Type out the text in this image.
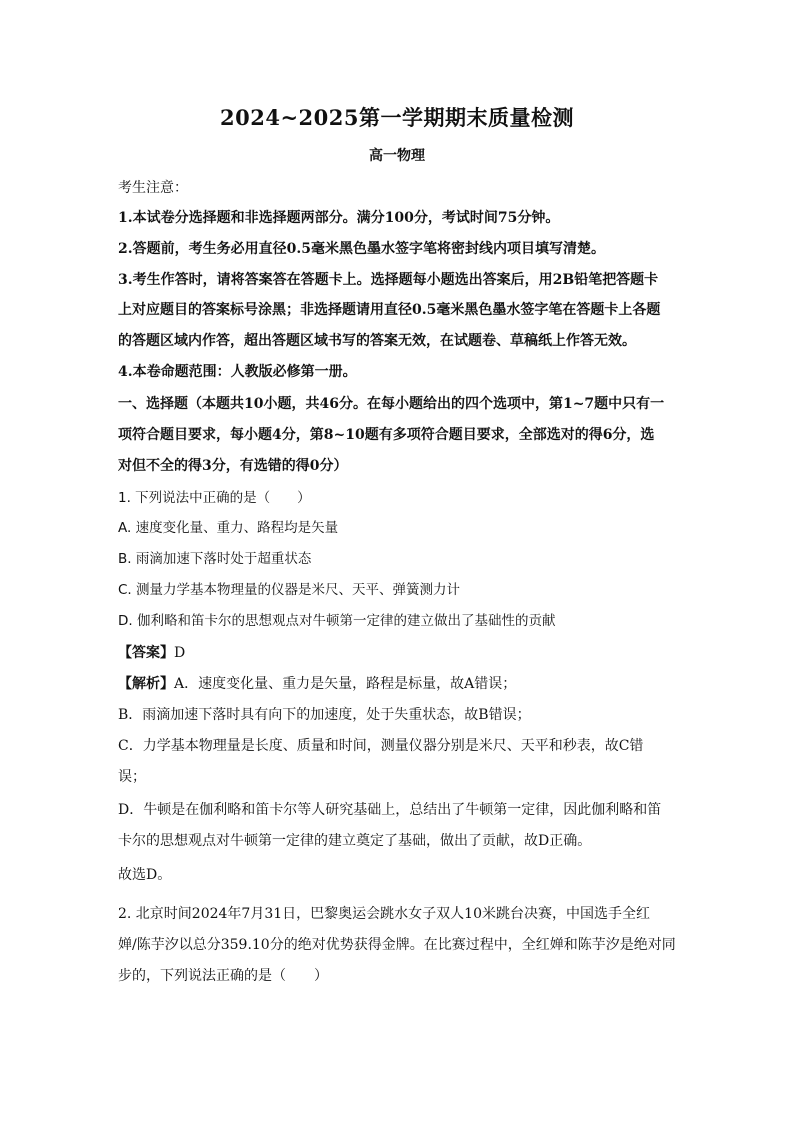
2024~2025第一学期期末质量检测
高一物理
考生注意：
1.本试卷分选择题和非选择题两部分。满分100分，考试时间75分钟。
2.答题前，考生务必用直径0.5毫米黑色墨水签字笔将密封线内项目填写清楚。
3.考生作答时，请将答案答在答题卡上。选择题每小题选出答案后，用2B铅笔把答题卡
上对应题目的答案标号涂黑；非选择题请用直径0.5毫米黑色墨水签字笔在答题卡上各题
的答题区域内作答，超出答题区域书写的答案无效，在试题卷、草稿纸上作答无效。
4.本卷命题范围：人教版必修第一册。
一、选择题（本题共10小题，共46分。在每小题给出的四个选项中，第1~7题中只有一
项符合题目要求，每小题4分，第8~10题有多项符合题目要求，全部选对的得6分，选
对但不全的得3分，有选错的得0分）
1. 下列说法中正确的是（　　）
A. 速度变化量、重力、路程均是矢量
B. 雨滴加速下落时处于超重状态
C. 测量力学基本物理量的仪器是米尺、天平、弹簧测力计
D. 伽利略和笛卡尔的思想观点对牛顿第一定律的建立做出了基础性的贡献
【答案】D
【解析】A．速度变化量、重力是矢量，路程是标量，故A错误；
B．雨滴加速下落时具有向下的加速度，处于失重状态，故B错误；
C．力学基本物理量是长度、质量和时间，测量仪器分别是米尺、天平和秒表，故C错
误；
D．牛顿是在伽利略和笛卡尔等人研究基础上，总结出了牛顿第一定律，因此伽利略和笛
卡尔的思想观点对牛顿第一定律的建立奠定了基础，做出了贡献，故D正确。
故选D。
2. 北京时间2024年7月31日，巴黎奥运会跳水女子双人10米跳台决赛，中国选手全红
婵/陈芋汐以总分359.10分的绝对优势获得金牌。在比赛过程中，全红婵和陈芋汐是绝对同
步的，下列说法正确的是（　　）
